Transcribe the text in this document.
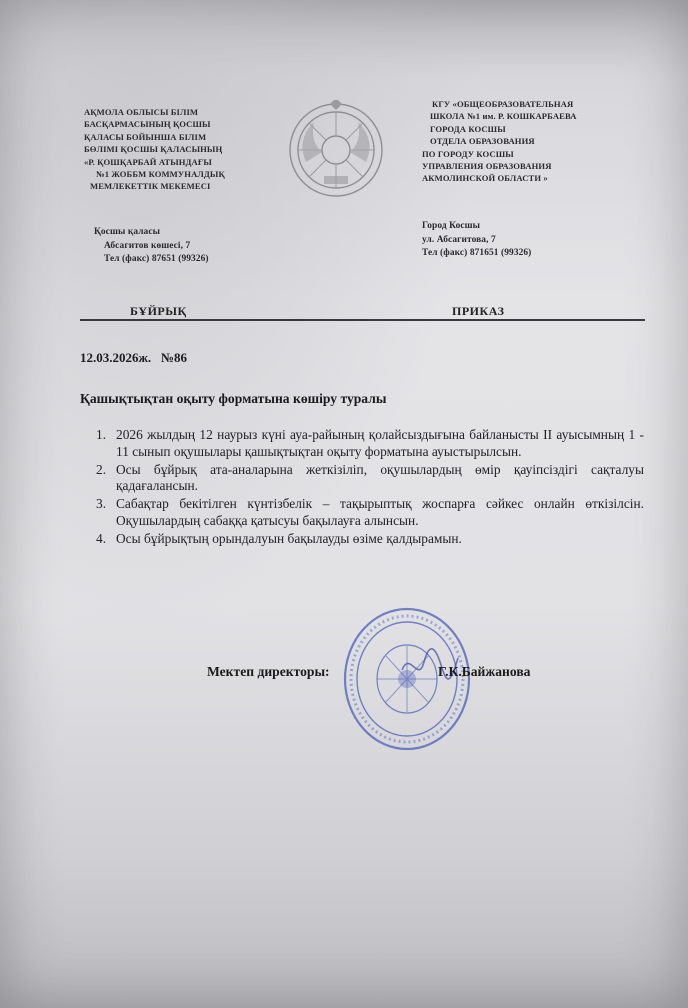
АҚМОЛА ОБЛЫСЫ БІЛІМ
БАСҚАРМАСЫНЫҢ ҚОСШЫ
ҚАЛАСЫ БОЙЫНША БІЛІМ
БӨЛІМІ ҚОСШЫ ҚАЛАСЫНЫҢ
«Р. ҚОШҚАРБАЙ АТЫНДАҒЫ
№1 ЖОББМ КОММУНАЛДЫҚ
МЕМЛЕКЕТТІК МЕКЕМЕСІ
Қосшы қаласы
Абсагитов көшесі, 7
Тел (факс) 87651 (99326)
КГУ «ОБЩЕОБРАЗОВАТЕЛЬНАЯ
ШКОЛА №1 им. Р. КОШКАРБАЕВА
ГОРОДА КОСШЫ
ОТДЕЛА ОБРАЗОВАНИЯ
ПО ГОРОДУ КОСШЫ
УПРАВЛЕНИЯ ОБРАЗОВАНИЯ
АКМОЛИНСКОЙ ОБЛАСТИ »
Город Косшы
ул. Абсагитова, 7
Тел (факс) 871651 (99326)
БҰЙРЫҚ	ПРИКАЗ
12.03.2026ж. №86
Қашықтықтан оқыту форматына көшіру туралы
1. 2026 жылдың 12 наурыз күні ауа-райының қолайсыздығына байланысты ІІ ауысымның 1 - 11 сынып оқушылары қашықтықтан оқыту форматына ауыстырылсын.
2. Осы бұйрық ата-аналарына жеткізіліп, оқушылардың өмір қауіпсіздігі сақталуы қадағалансын.
3. Сабақтар бекітілген күнтізбелік – тақырыптық жоспарға сәйкес онлайн өткізілсін. Оқушылардың сабаққа қатысуы бақылауға алынсын.
4. Осы бұйрықтың орындалуын бақылауды өзіме қалдырамын.
Мектеп директоры:	Г.К.Байжанова
